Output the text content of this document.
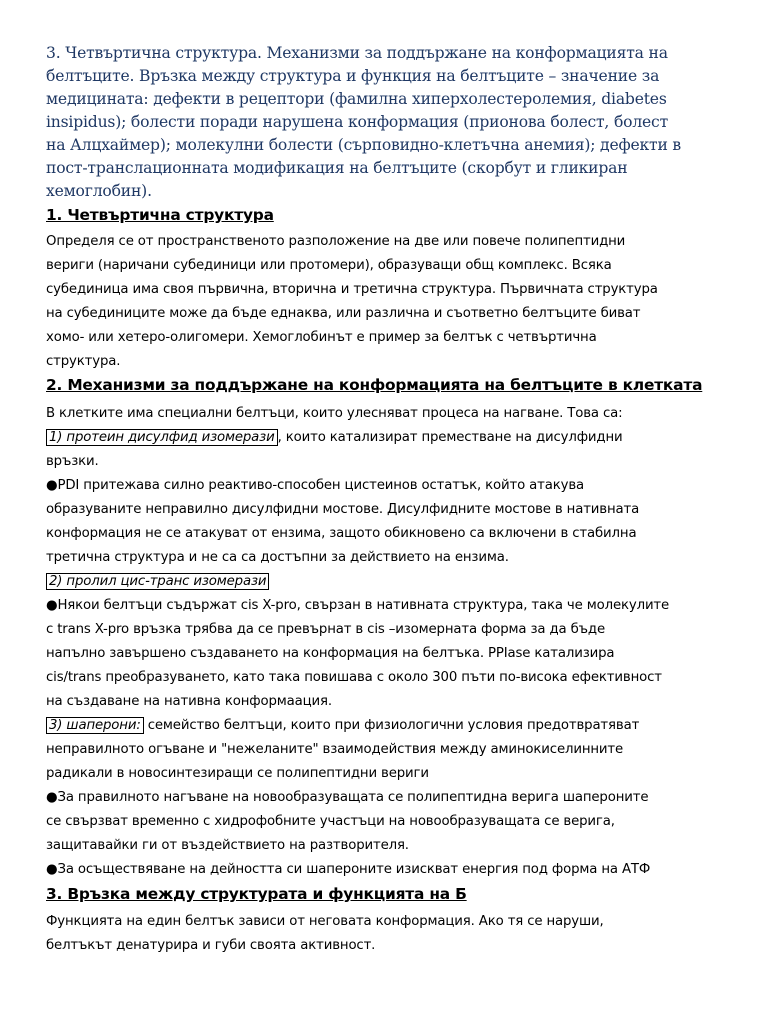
3. Четвъртична структура. Механизми за поддържане на конформацията на
белтъците. Връзка между структура и функция на белтъците – значение за
медицината: дефекти в рецептори (фамилна хиперхолестеролемия, diabetes
insipidus); болести поради нарушена конформация (прионова болест, болест
на Алцхаймер); молекулни болести (сърповидно-клетъчна анемия); дефекти в
пост-транслационната модификация на белтъците (скорбут и гликиран
хемоглобин).
1. Четвъртична структура
Определя се от пространственото разположение на две или повече полипептидни
вериги (наричани субединици или протомери), образуващи общ комплекс. Всяка
субединица има своя първична, вторична и третична структура. Първичната структура
на субединиците може да бъде еднаква, или различна и съответно белтъците биват
хомо- или хетеро-олигомери. Хемоглобинът е пример за белтък с четвъртична
структура.
2. Механизми за поддържане на конформацията на белтъците в клетката
В клетките има специални белтъци, които улесняват процеса на нагване. Това са:
1) протеин дисулфид изомерази , които катализират преместване на дисулфидни
връзки.
●PDI притежава силно реактиво-способен цистеинов остатък, който атакува
образуваните неправилно дисулфидни мостове. Дисулфидните мостове в нативната
конформация не се атакуват от ензима, защото обикновено са включени в стабилна
третична структура и не са са достъпни за действието на ензима.
2) пролил цис-транс изомерази
●Някои белтъци съдържат cis X-pro, свързан в нативната структура, така че молекулите
с trans X-pro връзка трябва да се превърнат в cis –изомерната форма за да бъде
напълно завършено създаването на конформация на белтъка. PPIase катализира
cis/trans преобразуването, като така повишава с около 300 пъти по-висока ефективност
на създаване на нативна конформаация.
3) шаперони: семейство белтъци, които при физиологични условия предотвратяват
неправилното огъване и "нежеланите" взаимодействия между аминокиселинните
радикали в новосинтезиращи се полипептидни вериги
●За правилното нагъване на новообразуващата се полипептидна верига шапероните
се свързват временно с хидрофобните участъци на новообразуващата се верига,
защитавайки ги от въздействието на разтворителя.
●За осъществяване на дейността си шапероните изискват енергия под форма на АТФ
3. Връзка между структурата и функцията на Б
Функцията на един белтък зависи от неговата конформация. Ако тя се наруши,
белтъкът денатурира и губи своята активност.
